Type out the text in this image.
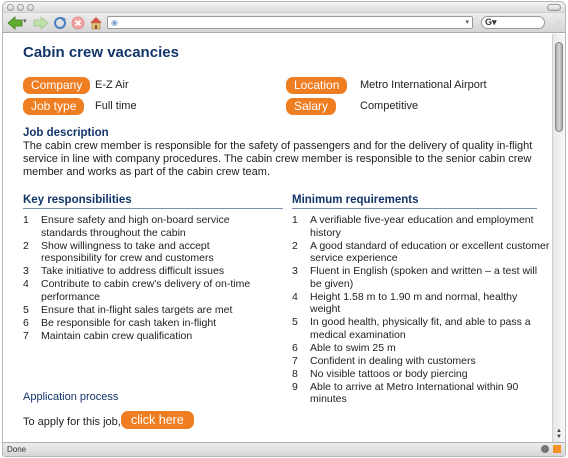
▾	◉	▾ G▾	◌
Cabin crew vacancies
Company	E-Z Air	Location	Metro International Airport
Job type	Full time	Salary	Competitive
Job description
The cabin crew member is responsible for the safety of passengers and for the delivery of quality in-flight service in line with company procedures. The cabin crew member is responsible to the senior cabin crew member and works as part of the cabin crew team.
Key responsibilities
1 Ensure safety and high on-board service standards throughout the cabin
2 Show willingness to take and accept responsibility for crew and customers
3 Take initiative to address difficult issues
4 Contribute to cabin crew's delivery of on-time performance
5 Ensure that in-flight sales targets are met
6 Be responsible for cash taken in-flight
7 Maintain cabin crew qualification
Minimum requirements
1 A verifiable five-year education and employment history
2 A good standard of education or excellent customer service experience
3 Fluent in English (spoken and written – a test will be given)
4 Height 1.58 m to 1.90 m and normal, healthy weight
5 In good health, physically fit, and able to pass a medical examination
6 Able to swim 25 m
7 Confident in dealing with customers
8 No visible tattoos or body piercing
9 Able to arrive at Metro International within 90 minutes
Application process
To apply for this job, click here
▲
▼
Done
